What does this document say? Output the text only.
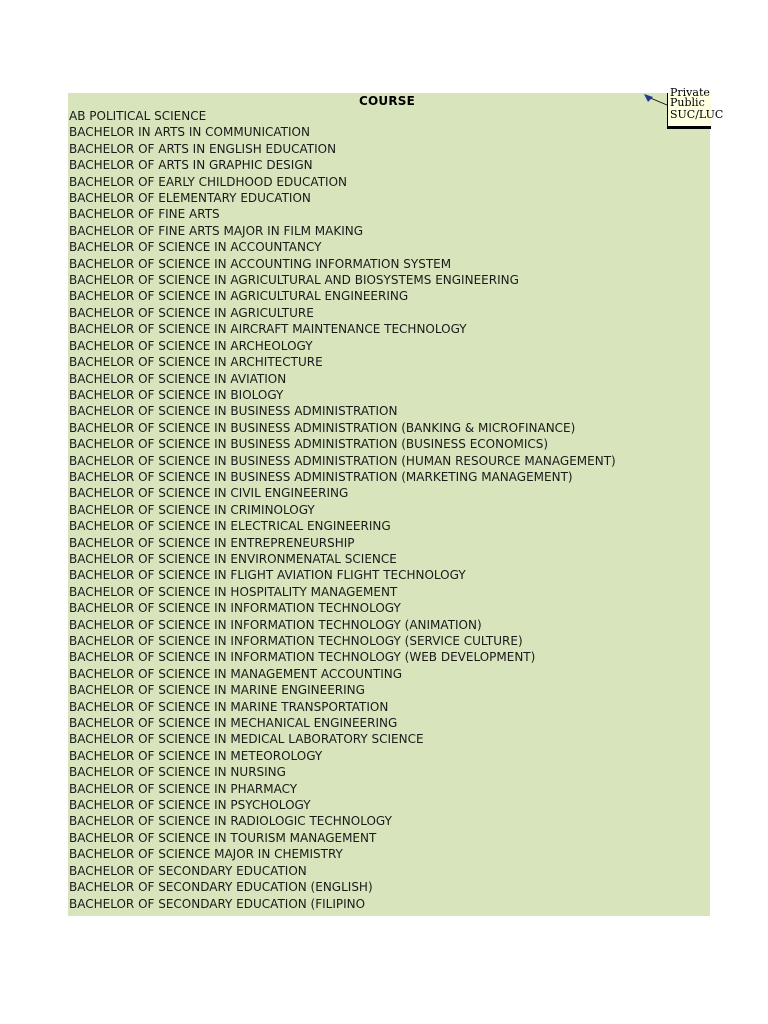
COURSE
AB POLITICAL SCIENCE
BACHELOR IN ARTS IN COMMUNICATION
BACHELOR OF ARTS IN ENGLISH EDUCATION
BACHELOR OF ARTS IN GRAPHIC DESIGN
BACHELOR OF EARLY CHILDHOOD EDUCATION
BACHELOR OF ELEMENTARY EDUCATION
BACHELOR OF FINE ARTS
BACHELOR OF FINE ARTS MAJOR IN FILM MAKING
BACHELOR OF SCIENCE IN ACCOUNTANCY
BACHELOR OF SCIENCE IN ACCOUNTING INFORMATION SYSTEM
BACHELOR OF SCIENCE IN AGRICULTURAL AND BIOSYSTEMS ENGINEERING
BACHELOR OF SCIENCE IN AGRICULTURAL ENGINEERING
BACHELOR OF SCIENCE IN AGRICULTURE
BACHELOR OF SCIENCE IN AIRCRAFT MAINTENANCE TECHNOLOGY
BACHELOR OF SCIENCE IN ARCHEOLOGY
BACHELOR OF SCIENCE IN ARCHITECTURE
BACHELOR OF SCIENCE IN AVIATION
BACHELOR OF SCIENCE IN BIOLOGY
BACHELOR OF SCIENCE IN BUSINESS ADMINISTRATION
BACHELOR OF SCIENCE IN BUSINESS ADMINISTRATION (BANKING & MICROFINANCE)
BACHELOR OF SCIENCE IN BUSINESS ADMINISTRATION (BUSINESS ECONOMICS)
BACHELOR OF SCIENCE IN BUSINESS ADMINISTRATION (HUMAN RESOURCE MANAGEMENT)
BACHELOR OF SCIENCE IN BUSINESS ADMINISTRATION (MARKETING MANAGEMENT)
BACHELOR OF SCIENCE IN CIVIL ENGINEERING
BACHELOR OF SCIENCE IN CRIMINOLOGY
BACHELOR OF SCIENCE IN ELECTRICAL ENGINEERING
BACHELOR OF SCIENCE IN ENTREPRENEURSHIP
BACHELOR OF SCIENCE IN ENVIRONMENATAL SCIENCE
BACHELOR OF SCIENCE IN FLIGHT AVIATION FLIGHT TECHNOLOGY
BACHELOR OF SCIENCE IN HOSPITALITY MANAGEMENT
BACHELOR OF SCIENCE IN INFORMATION TECHNOLOGY
BACHELOR OF SCIENCE IN INFORMATION TECHNOLOGY (ANIMATION)
BACHELOR OF SCIENCE IN INFORMATION TECHNOLOGY (SERVICE CULTURE)
BACHELOR OF SCIENCE IN INFORMATION TECHNOLOGY (WEB DEVELOPMENT)
BACHELOR OF SCIENCE IN MANAGEMENT ACCOUNTING
BACHELOR OF SCIENCE IN MARINE ENGINEERING
BACHELOR OF SCIENCE IN MARINE TRANSPORTATION
BACHELOR OF SCIENCE IN MECHANICAL ENGINEERING
BACHELOR OF SCIENCE IN MEDICAL LABORATORY SCIENCE
BACHELOR OF SCIENCE IN METEOROLOGY
BACHELOR OF SCIENCE IN NURSING
BACHELOR OF SCIENCE IN PHARMACY
BACHELOR OF SCIENCE IN PSYCHOLOGY
BACHELOR OF SCIENCE IN RADIOLOGIC TECHNOLOGY
BACHELOR OF SCIENCE IN TOURISM MANAGEMENT
BACHELOR OF SCIENCE MAJOR IN CHEMISTRY
BACHELOR OF SECONDARY EDUCATION
BACHELOR OF SECONDARY EDUCATION (ENGLISH)
BACHELOR OF SECONDARY EDUCATION (FILIPINO
Private
Public
SUC/LUC
